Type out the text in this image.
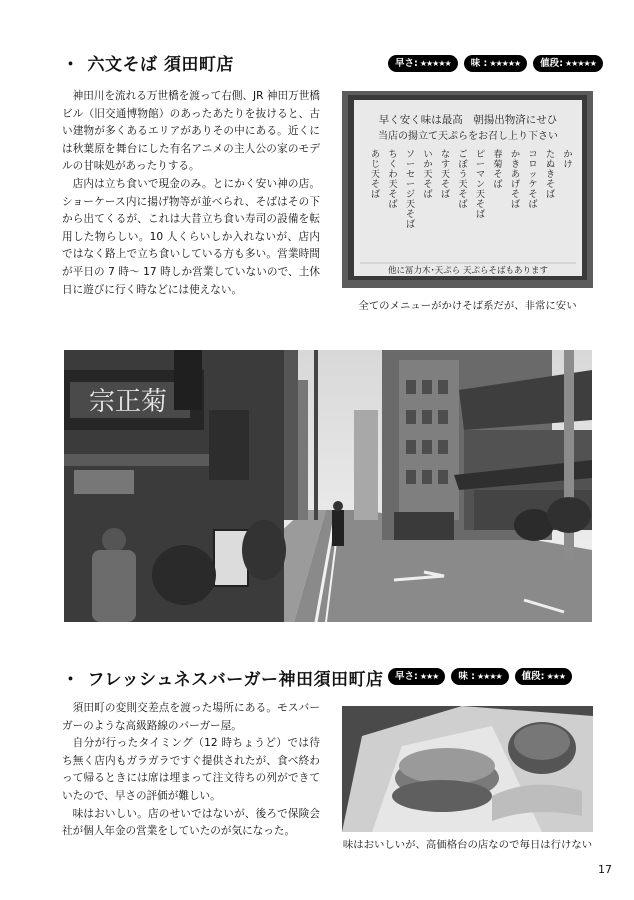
・ 六文そば 須田町店	早さ : ★★★★★ 味 : ★★★★★ 値段 : ★★★★★

神田川を流れる万世橋を渡って右側、JR 神田万世橋ビル（旧交通博物館）のあったあたりを抜けると、古い建物が多くあるエリアがありその中にある。近くには秋葉原を舞台にした有名アニメの主人公の家のモデルの甘味処があったりする。

店内は立ち食いで現金のみ。とにかく安い神の店。ショーケース内に揚げ物等が並べられ、そばはその下から出てくるが、これは大昔立ち食い寿司の設備を転用した物らしい。10 人くらいしか入れないが、店内ではなく路上で立ち食いしている方も多い。営業時間が平日の 7 時～ 17 時しか営業していないので、土休日に遊びに行く時などには使えない。

早く安く味は最高　朝揚出物済にせひ
当店の揚立て天ぷらをお召し上り下さい
かけ
たぬきそば
コロッケそば
かきあげそば
春菊そば
ピーマン天そば
ごぼう天そば
なす天そば
いか天そば
ソーセージ天そば
ちくわ天そば
あじ天そば
他に冨力木･天ぷら 天ぷらそばもあります
全てのメニューがかけそば系だが、非常に安い
宗正菊
・ フレッシュネスバーガー神田須田町店 早さ : ★★★ 味 : ★★★★ 値段 : ★★★

須田町の変則交差点を渡った場所にある。モスバーガーのような高級路線のバーガー屋。

自分が行ったタイミング（12 時ちょうど）では待ち無く店内もガラガラですぐ提供されたが、食べ終わって帰るときには席は埋まって注文待ちの列ができていたので、早さの評価が難しい。

味はおいしい。店のせいではないが、後ろで保険会社が個人年金の営業をしていたのが気になった。

味はおいしいが、高価格台の店なので毎日は行けない
17
